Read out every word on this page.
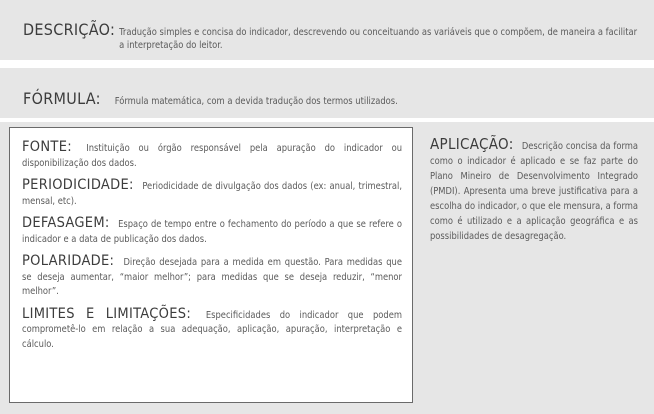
DESCRIÇÃO: Tradução simples e concisa do indicador, descrevendo ou conceituando as variáveis que o compõem, de maneira a facilitar a interpretação do leitor.
FÓRMULA: Fórmula matemática, com a devida tradução dos termos utilizados.
FONTE: Instituição ou órgão responsável pela apuração do indicador ou disponibilização dos dados.
PERIODICIDADE: Periodicidade de divulgação dos dados (ex: anual, trimestral, mensal, etc).
DEFASAGEM: Espaço de tempo entre o fechamento do período a que se refere o indicador e a data de publicação dos dados.
POLARIDADE: Direção desejada para a medida em questão. Para medidas que se deseja aumentar, “maior melhor”; para medidas que se deseja reduzir, “menor melhor”.
LIMITES E LIMITAÇÕES: Especificidades do indicador que podem comprometê-lo em relação a sua adequação, aplicação, apuração, interpretação e cálculo.
APLICAÇÃO: Descrição concisa da forma como o indicador é aplicado e se faz parte do Plano Mineiro de Desenvolvimento Integrado (PMDI). Apresenta uma breve justificativa para a escolha do indicador, o que ele mensura, a forma como é utilizado e a aplicação geográfica e as possibilidades de desagregação.
